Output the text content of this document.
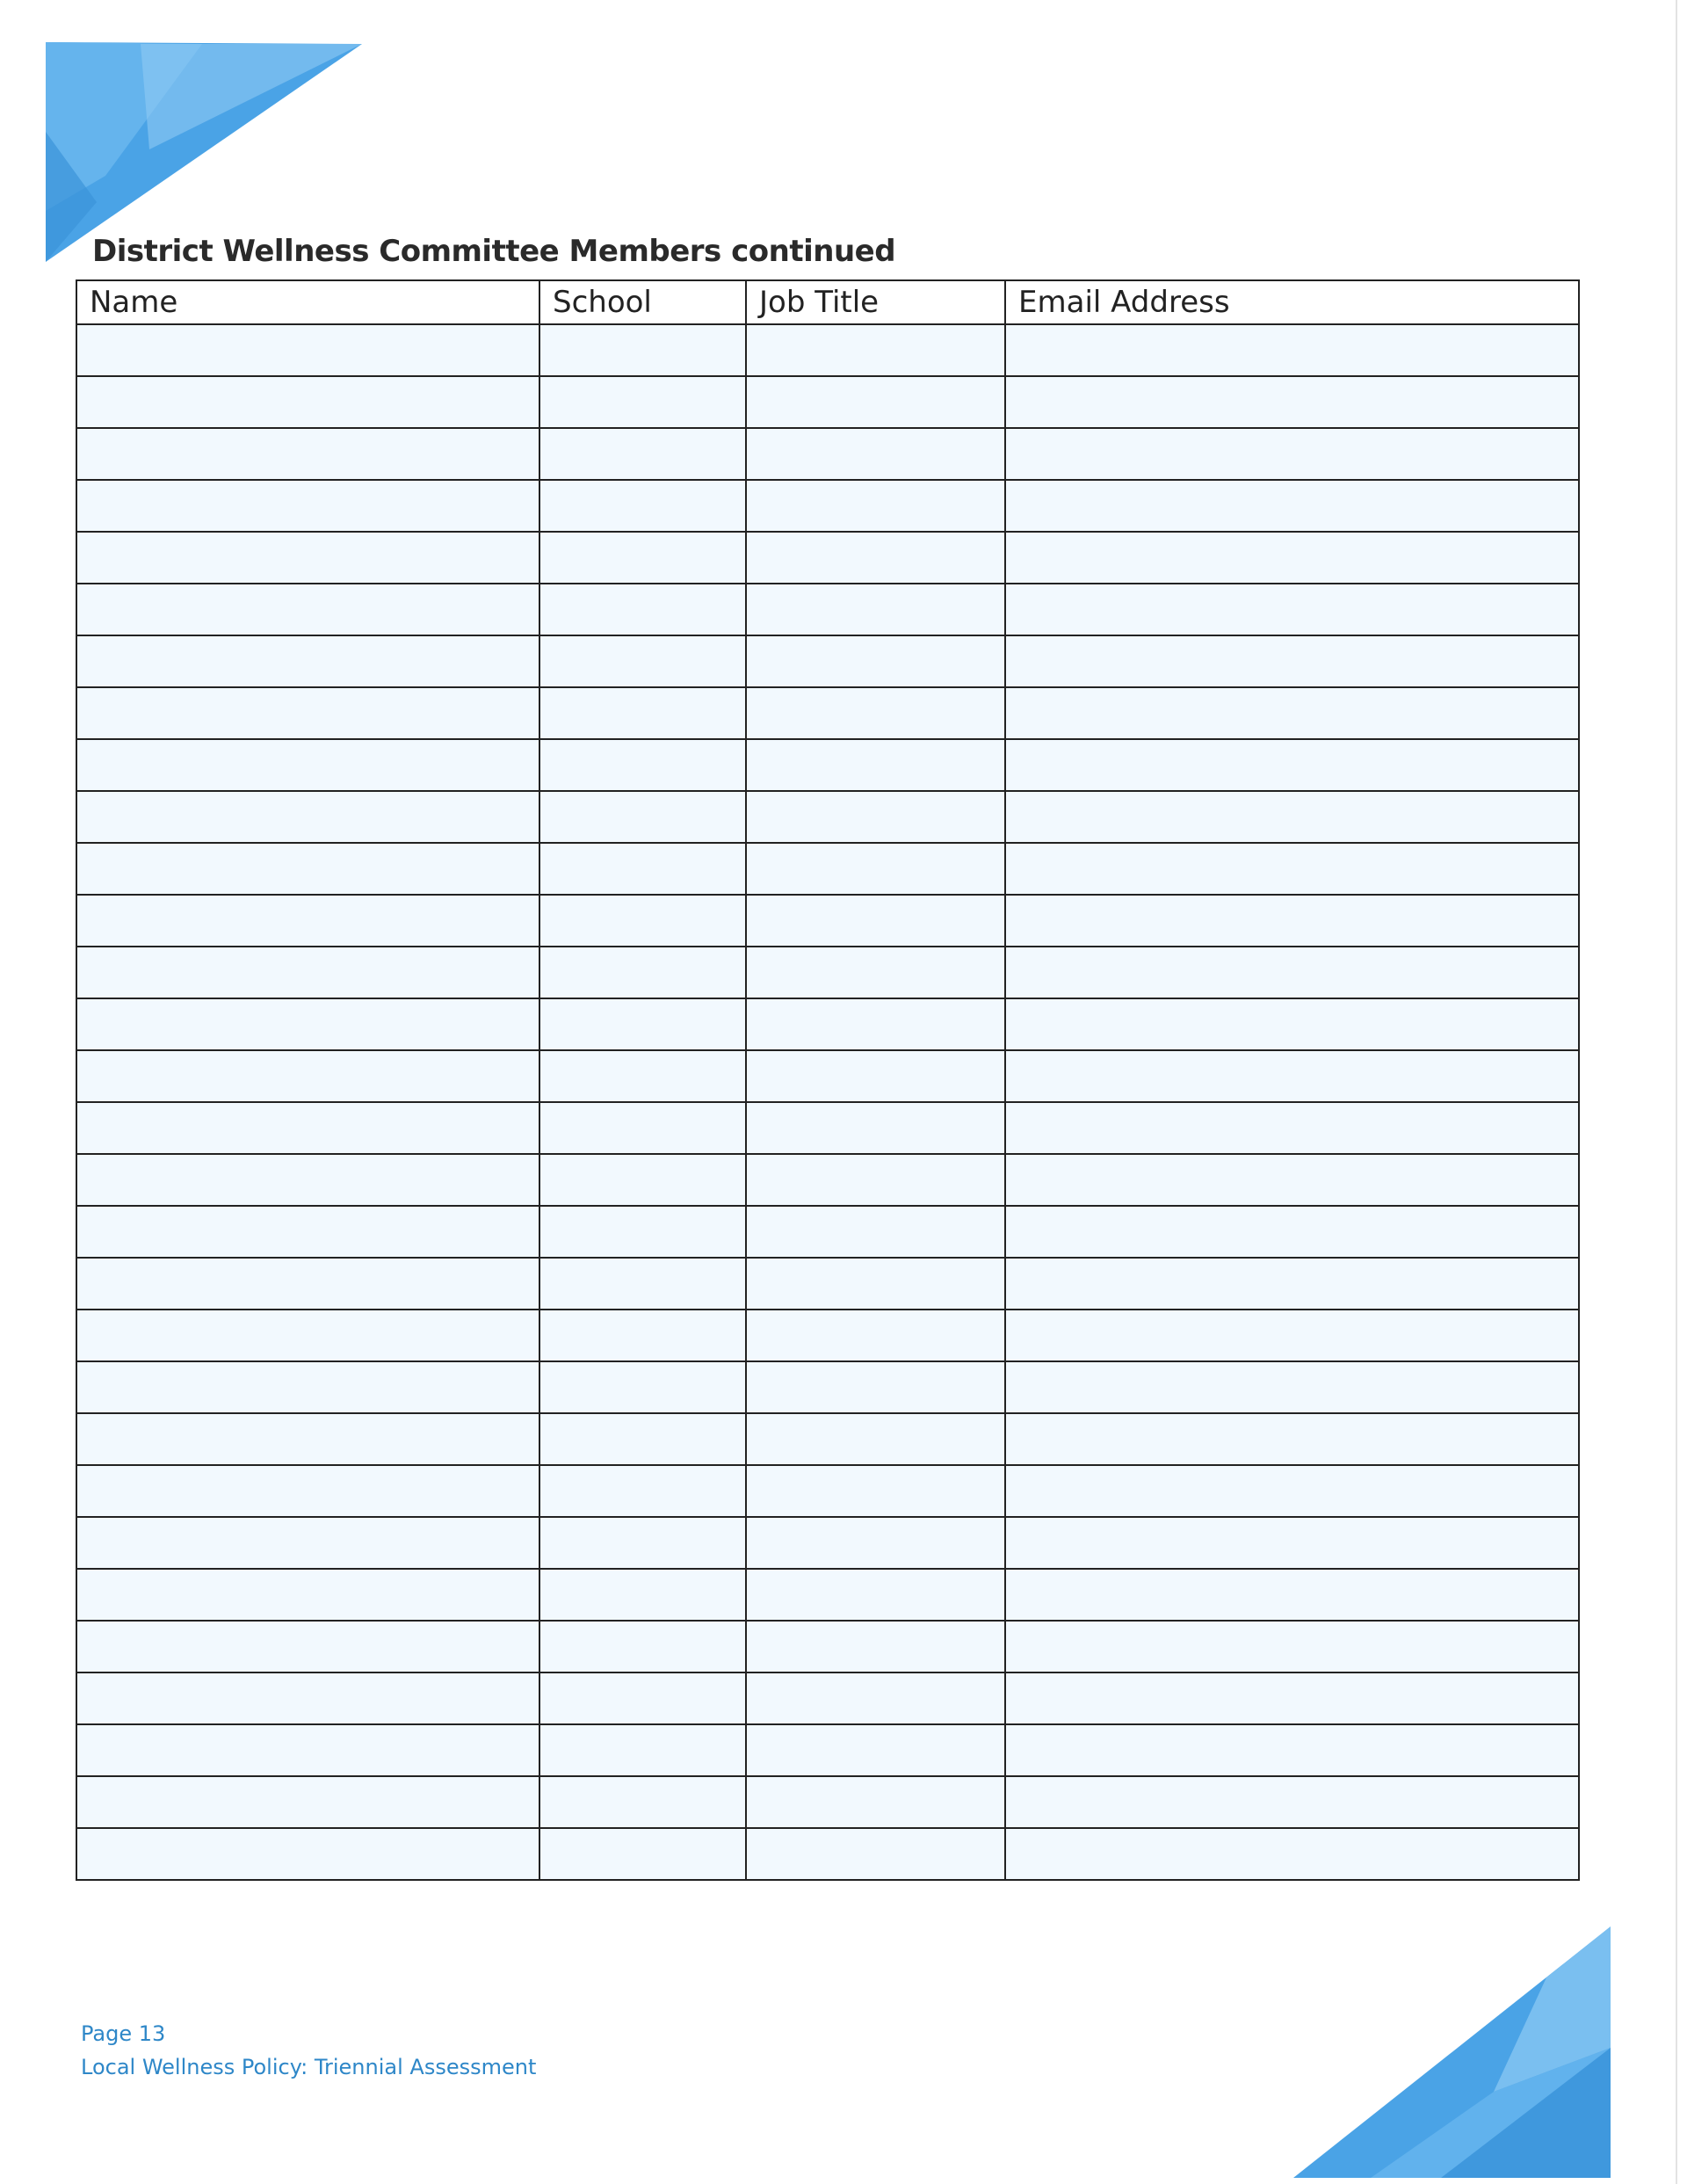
District Wellness Committee Members continued
Name	School	Job Title	Email Address

Page 13
Local Wellness Policy: Triennial Assessment
